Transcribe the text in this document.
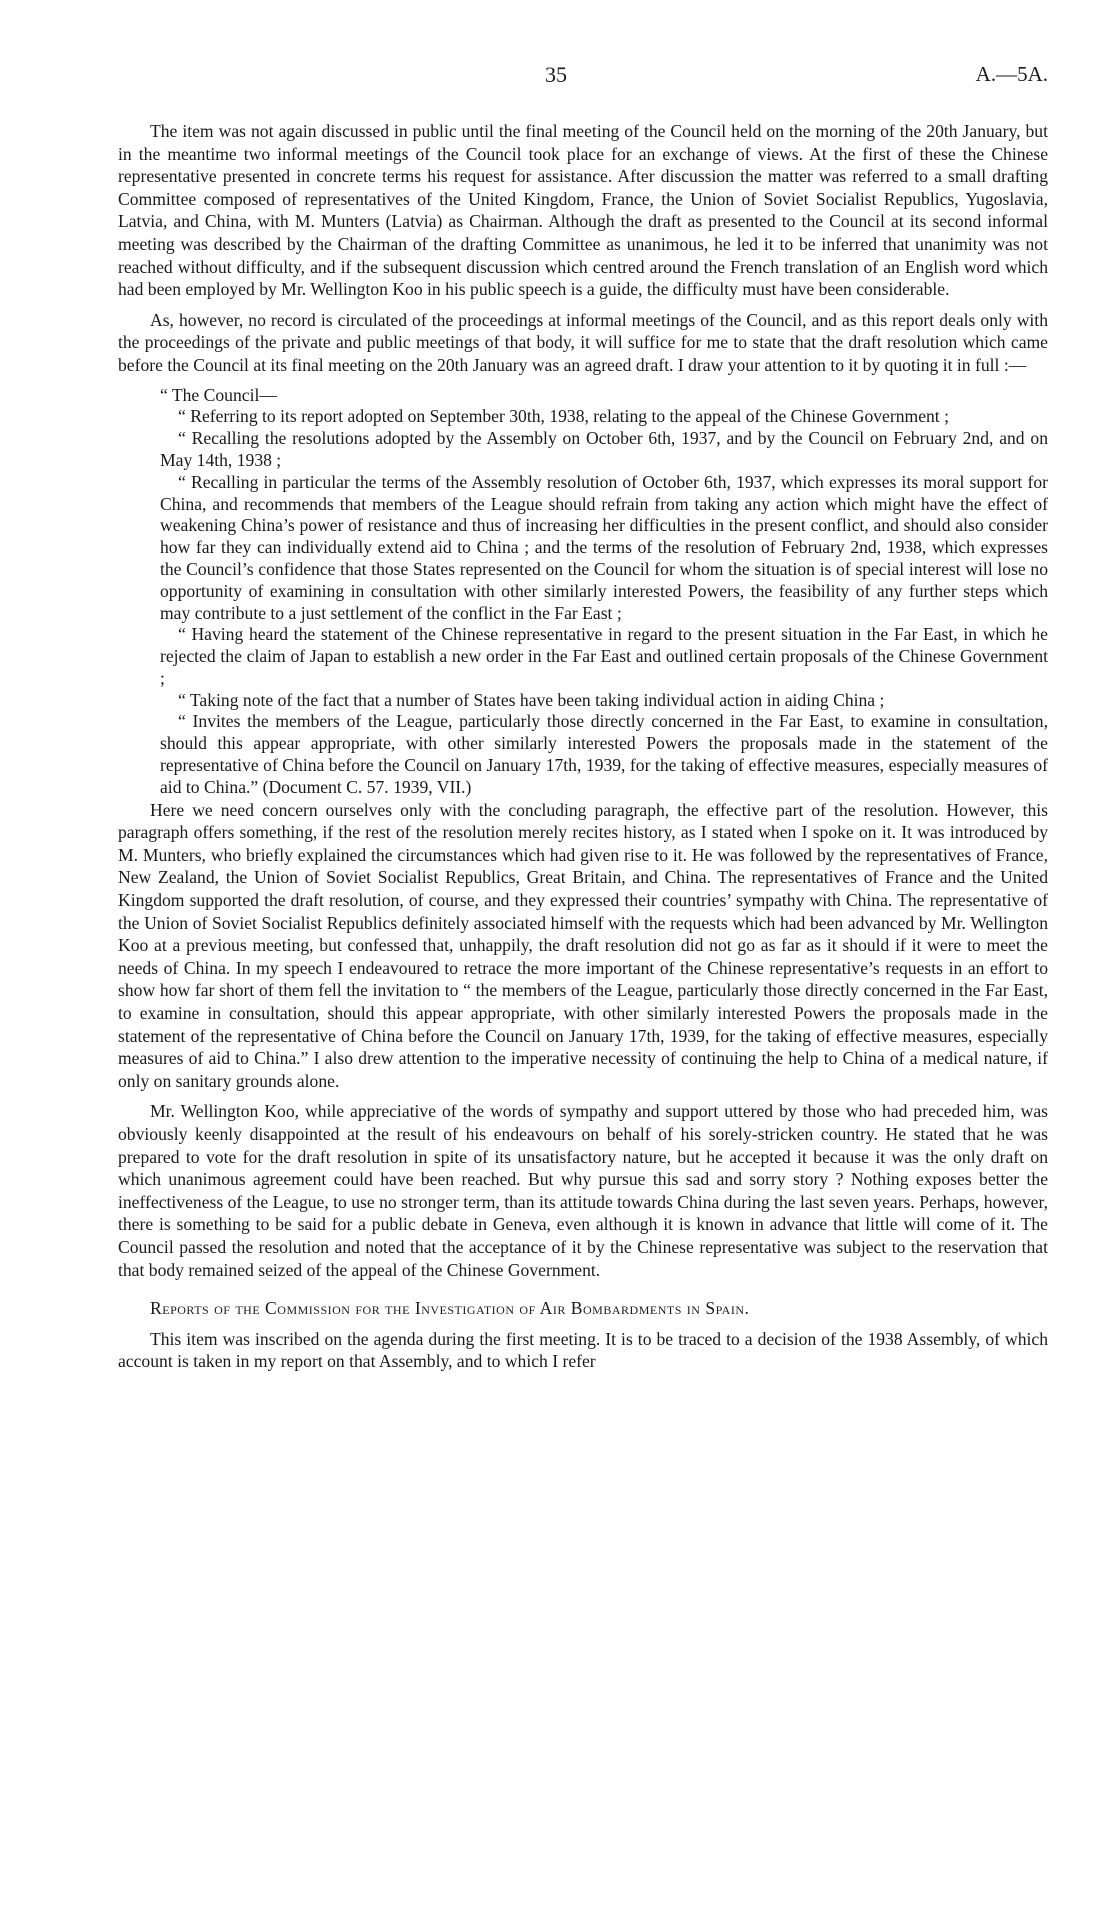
35	A.—5A.

The item was not again discussed in public until the final meeting of the Council held on the morning of the 20th January, but in the meantime two informal meetings of the Council took place for an exchange of views. At the first of these the Chinese representative presented in concrete terms his request for assistance. After discussion the matter was referred to a small drafting Committee composed of representatives of the United Kingdom, France, the Union of Soviet Socialist Republics, Yugoslavia, Latvia, and China, with M. Munters (Latvia) as Chairman. Although the draft as presented to the Council at its second informal meeting was described by the Chairman of the drafting Committee as unanimous, he led it to be inferred that unanimity was not reached without difficulty, and if the subsequent discussion which centred around the French translation of an English word which had been employed by Mr. Wellington Koo in his public speech is a guide, the difficulty must have been considerable.

As, however, no record is circulated of the proceedings at informal meetings of the Council, and as this report deals only with the proceedings of the private and public meetings of that body, it will suffice for me to state that the draft resolution which came before the Council at its final meeting on the 20th January was an agreed draft. I draw your attention to it by quoting it in full :—

“ The Council—

“ Referring to its report adopted on September 30th, 1938, relating to the appeal of the Chinese Government ;

“ Recalling the resolutions adopted by the Assembly on October 6th, 1937, and by the Council on February 2nd, and on May 14th, 1938 ;

“ Recalling in particular the terms of the Assembly resolution of October 6th, 1937, which expresses its moral support for China, and recommends that members of the League should refrain from taking any action which might have the effect of weakening China’s power of resistance and thus of increasing her difficulties in the present conflict, and should also consider how far they can individually extend aid to China ; and the terms of the resolution of February 2nd, 1938, which expresses the Council’s confidence that those States represented on the Council for whom the situation is of special interest will lose no opportunity of examining in consultation with other similarly interested Powers, the feasibility of any further steps which may contribute to a just settlement of the conflict in the Far East ;

“ Having heard the statement of the Chinese representative in regard to the present situation in the Far East, in which he rejected the claim of Japan to establish a new order in the Far East and outlined certain proposals of the Chinese Government ;

“ Taking note of the fact that a number of States have been taking individual action in aiding China ;

“ Invites the members of the League, particularly those directly concerned in the Far East, to examine in consultation, should this appear appropriate, with other similarly interested Powers the proposals made in the statement of the representative of China before the Council on January 17th, 1939, for the taking of effective measures, especially measures of aid to China.” (Document C. 57. 1939, VII.)

Here we need concern ourselves only with the concluding paragraph, the effective part of the resolution. However, this paragraph offers something, if the rest of the resolution merely recites history, as I stated when I spoke on it. It was introduced by M. Munters, who briefly explained the circumstances which had given rise to it. He was followed by the representatives of France, New Zealand, the Union of Soviet Socialist Republics, Great Britain, and China. The representatives of France and the United Kingdom supported the draft resolution, of course, and they expressed their countries’ sympathy with China. The representative of the Union of Soviet Socialist Republics definitely associated himself with the requests which had been advanced by Mr. Wellington Koo at a previous meeting, but confessed that, unhappily, the draft resolution did not go as far as it should if it were to meet the needs of China. In my speech I endeavoured to retrace the more important of the Chinese representative’s requests in an effort to show how far short of them fell the invitation to “ the members of the League, particularly those directly concerned in the Far East, to examine in consultation, should this appear appropriate, with other similarly interested Powers the proposals made in the statement of the representative of China before the Council on January 17th, 1939, for the taking of effective measures, especially measures of aid to China.” I also drew attention to the imperative necessity of continuing the help to China of a medical nature, if only on sanitary grounds alone.

Mr. Wellington Koo, while appreciative of the words of sympathy and support uttered by those who had preceded him, was obviously keenly disappointed at the result of his endeavours on behalf of his sorely-stricken country. He stated that he was prepared to vote for the draft resolution in spite of its unsatisfactory nature, but he accepted it because it was the only draft on which unanimous agreement could have been reached. But why pursue this sad and sorry story ? Nothing exposes better the ineffectiveness of the League, to use no stronger term, than its attitude towards China during the last seven years. Perhaps, however, there is something to be said for a public debate in Geneva, even although it is known in advance that little will come of it. The Council passed the resolution and noted that the acceptance of it by the Chinese representative was subject to the reservation that that body remained seized of the appeal of the Chinese Government.

Reports of the Commission for the Investigation of Air Bombardments in Spain.

This item was inscribed on the agenda during the first meeting. It is to be traced to a decision of the 1938 Assembly, of which account is taken in my report on that Assembly, and to which I refer
